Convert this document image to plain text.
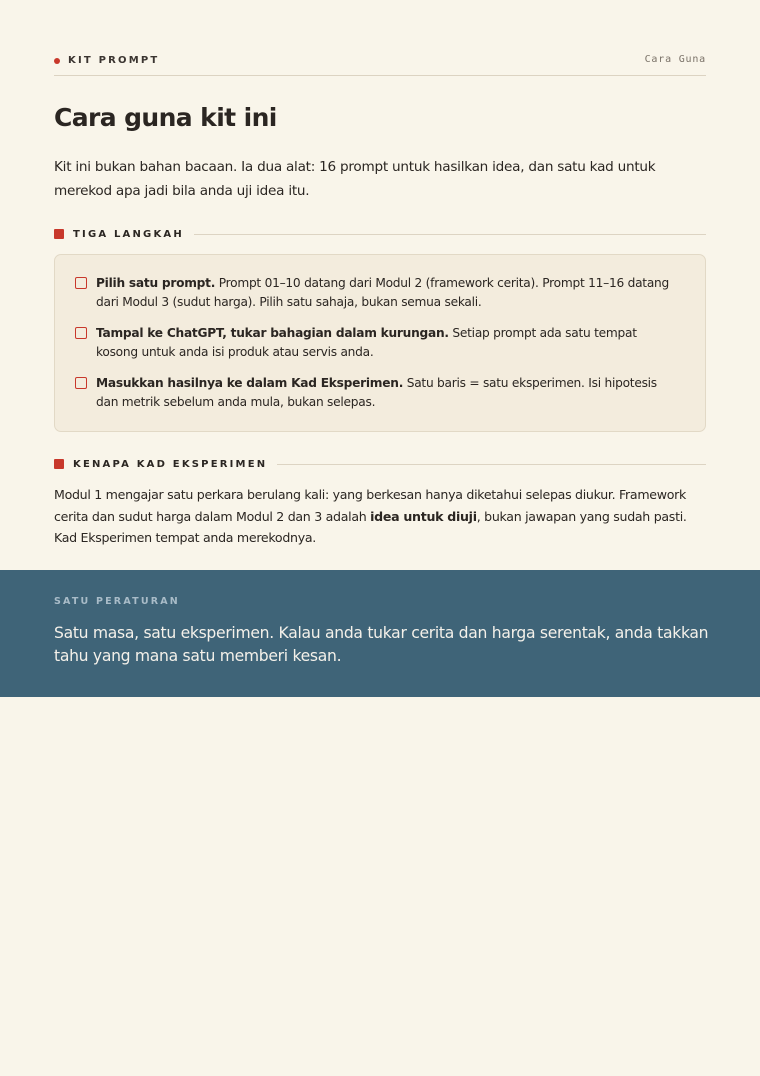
KIT PROMPT	Cara Guna
Cara guna kit ini

Kit ini bukan bahan bacaan. Ia dua alat: 16 prompt untuk hasilkan idea, dan satu kad untuk merekod apa jadi bila anda uji idea itu.

TIGA LANGKAH
Pilih satu prompt. Prompt 01–10 datang dari Modul 2 (framework cerita). Prompt 11–16 datang dari Modul 3 (sudut harga). Pilih satu sahaja, bukan semua sekali.
Tampal ke ChatGPT, tukar bahagian dalam kurungan. Setiap prompt ada satu tempat kosong untuk anda isi produk atau servis anda.
Masukkan hasilnya ke dalam Kad Eksperimen. Satu baris = satu eksperimen. Isi hipotesis dan metrik sebelum anda mula, bukan selepas.
KENAPA KAD EKSPERIMEN

Modul 1 mengajar satu perkara berulang kali: yang berkesan hanya diketahui selepas diukur. Framework cerita dan sudut harga dalam Modul 2 dan 3 adalah idea untuk diuji, bukan jawapan yang sudah pasti. Kad Eksperimen tempat anda merekodnya.

SATU PERATURAN

Satu masa, satu eksperimen. Kalau anda tukar cerita dan harga serentak, anda takkan tahu yang mana satu memberi kesan.
